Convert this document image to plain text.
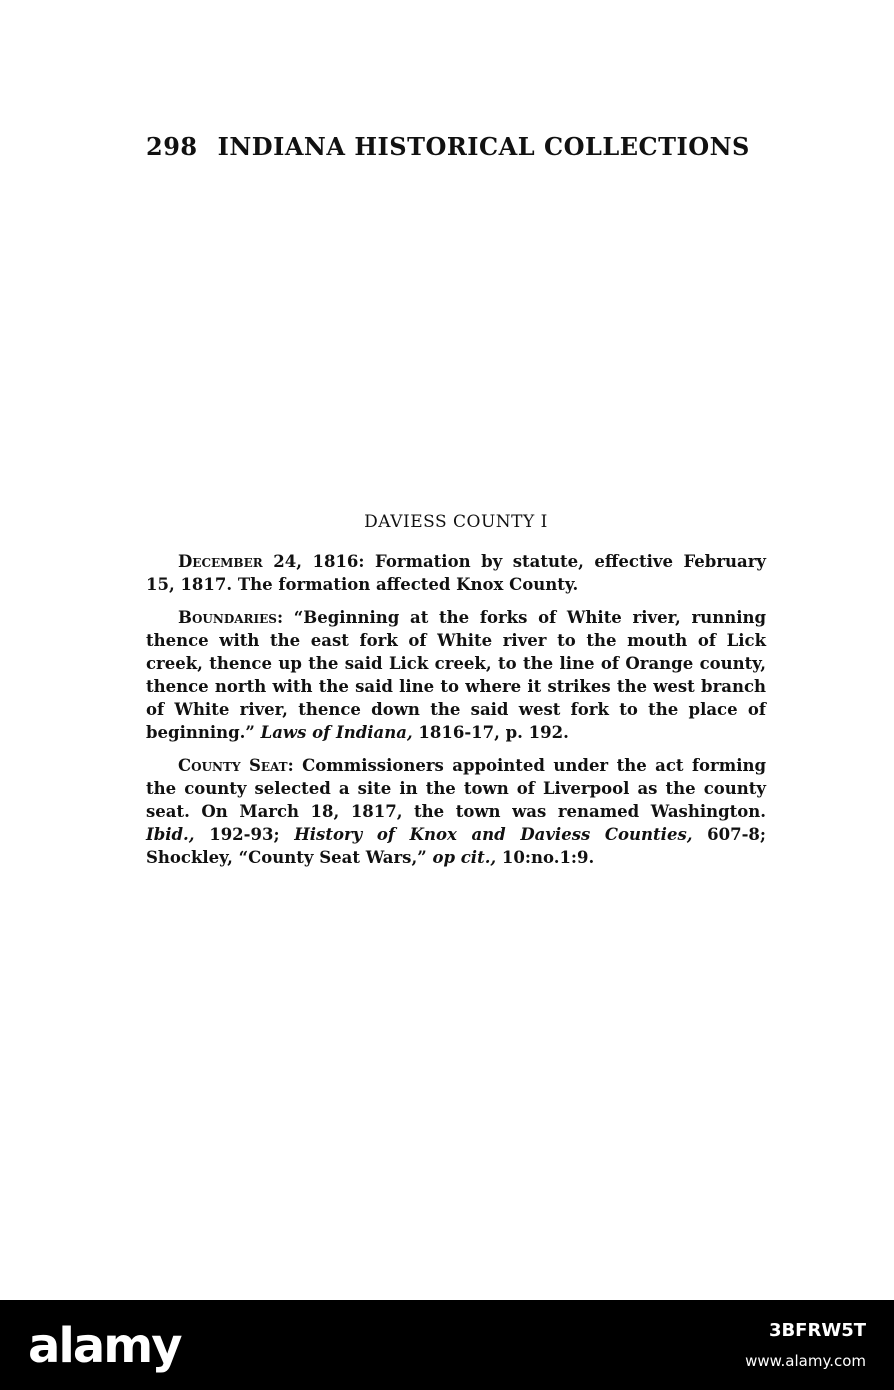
298 INDIANA HISTORICAL COLLECTIONS
DAVIESS COUNTY I

December 24, 1816: Formation by statute, effective February 15, 1817. The formation affected Knox County.

Boundaries: “Beginning at the forks of White river, running thence with the east fork of White river to the mouth of Lick creek, thence up the said Lick creek, to the line of Orange county, thence north with the said line to where it strikes the west branch of White river, thence down the said west fork to the place of beginning.” Laws of Indiana, 1816-17, p. 192.

County Seat: Commissioners appointed under the act forming the county selected a site in the town of Liverpool as the county seat. On March 18, 1817, the town was renamed Washington. Ibid., 192-93; History of Knox and Daviess Counties, 607-8; Shockley, “County Seat Wars,” op cit., 10:no.1:9.

alamy	3BFRW5T
www.alamy.com
